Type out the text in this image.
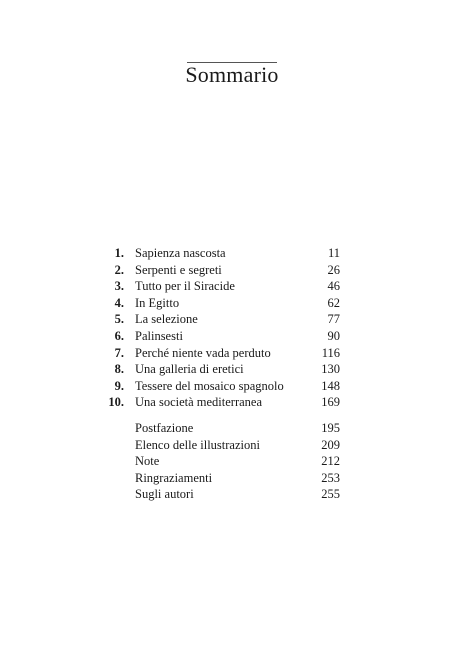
Sommario
1. Sapienza nascosta	11
2. Serpenti e segreti	26
3. Tutto per il Siracide	46
4. In Egitto	62
5. La selezione	77
6. Palinsesti	90
7. Perché niente vada perduto	116
8. Una galleria di eretici	130
9. Tessere del mosaico spagnolo	148
10. Una società mediterranea	169
Postfazione	195
Elenco delle illustrazioni	209
Note	212
Ringraziamenti	253
Sugli autori	255
